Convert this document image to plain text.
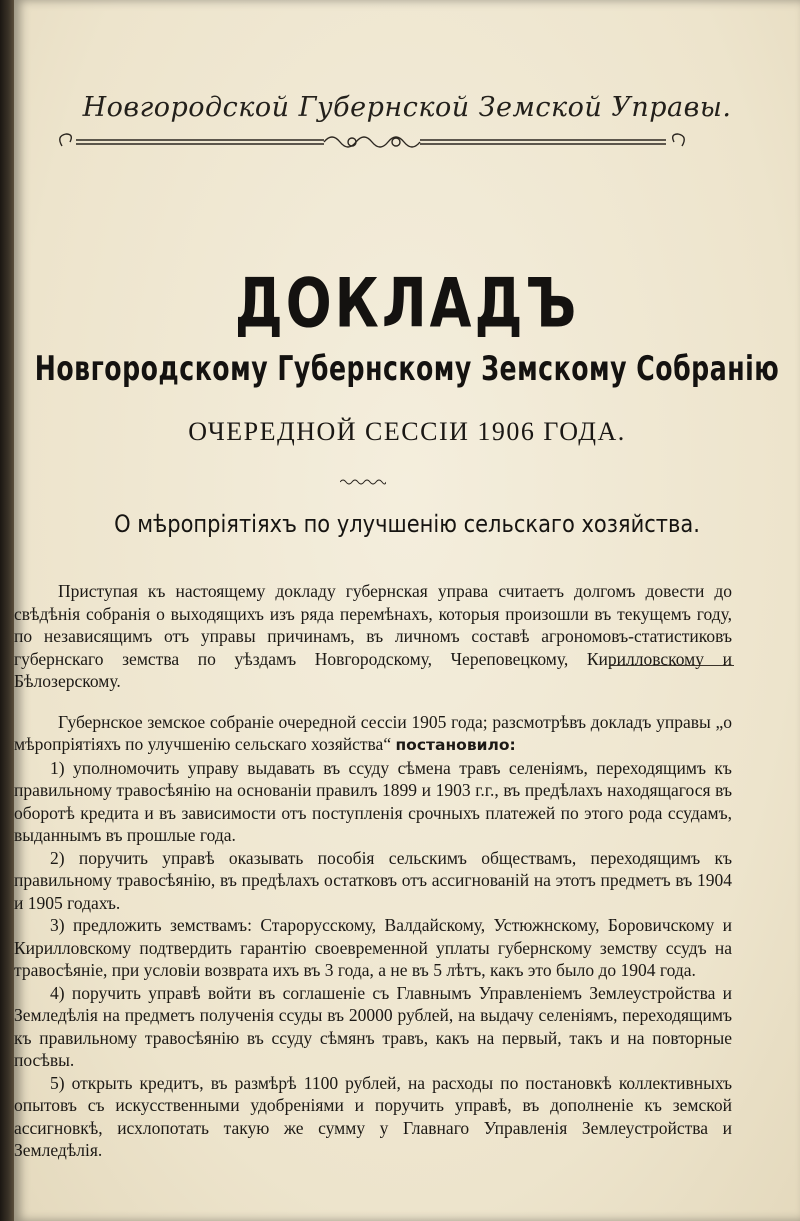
Новгородской Губернской Земской Управы.
ДОКЛАДЪ
Новгородскому Губернскому Земскому Собранію
ОЧЕРЕДНОЙ СЕССІИ 1906 ГОДА.
О мѣропріятіяхъ по улучшенію сельскаго хозяйства.

Приступая къ настоящему докладу губернская управа считаетъ долгомъ довести до свѣдѣнія собранія о выходящихъ изъ ряда перемѣнахъ, которыя произошли въ текущемъ году, по независящимъ отъ управы причинамъ, въ личномъ составѣ агрономовъ-статистиковъ губернскаго земства по уѣздамъ Новгородскому, Череповецкому, Кирилловскому и Бѣлозерскому.

Губернское земское собраніе очередной сессіи 1905 года; разсмотрѣвъ докладъ управы „о мѣропріятіяхъ по улучшенію сельскаго хозяйства“ постановило:

1) уполномочить управу выдавать въ ссуду сѣмена травъ селеніямъ, переходящимъ къ правильному травосѣянію на основаніи правилъ 1899 и 1903 г.г., въ предѣлахъ находящагося въ оборотѣ кредита и въ зависимости отъ поступленія срочныхъ платежей по этого рода ссудамъ, выданнымъ въ прошлые года.

2) поручить управѣ оказывать пособія сельскимъ обществамъ, переходящимъ къ правильному травосѣянію, въ предѣлахъ остатковъ отъ ассигнованій на этотъ предметъ въ 1904 и 1905 годахъ.

3) предложить земствамъ: Старорусскому, Валдайскому, Устюжнскому, Боровичскому и Кирилловскому подтвердить гарантію своевременной уплаты губернскому земству ссудъ на травосѣяніе, при условіи возврата ихъ въ 3 года, а не въ 5 лѣтъ, какъ это было до 1904 года.

4) поручить управѣ войти въ соглашеніе съ Главнымъ Управленіемъ Землеустройства и Земледѣлія на предметъ полученія ссуды въ 20000 рублей, на выдачу селеніямъ, переходящимъ къ правильному травосѣянію въ ссуду сѣмянъ травъ, какъ на первый, такъ и на повторные посѣвы.

5) открыть кредитъ, въ размѣрѣ 1100 рублей, на расходы по постановкѣ коллективныхъ опытовъ съ искусственными удобреніями и поручить управѣ, въ дополненіе къ земской ассигновкѣ, исхлопотать такую же сумму у Главнаго Управленія Землеустройства и Земледѣлія.
